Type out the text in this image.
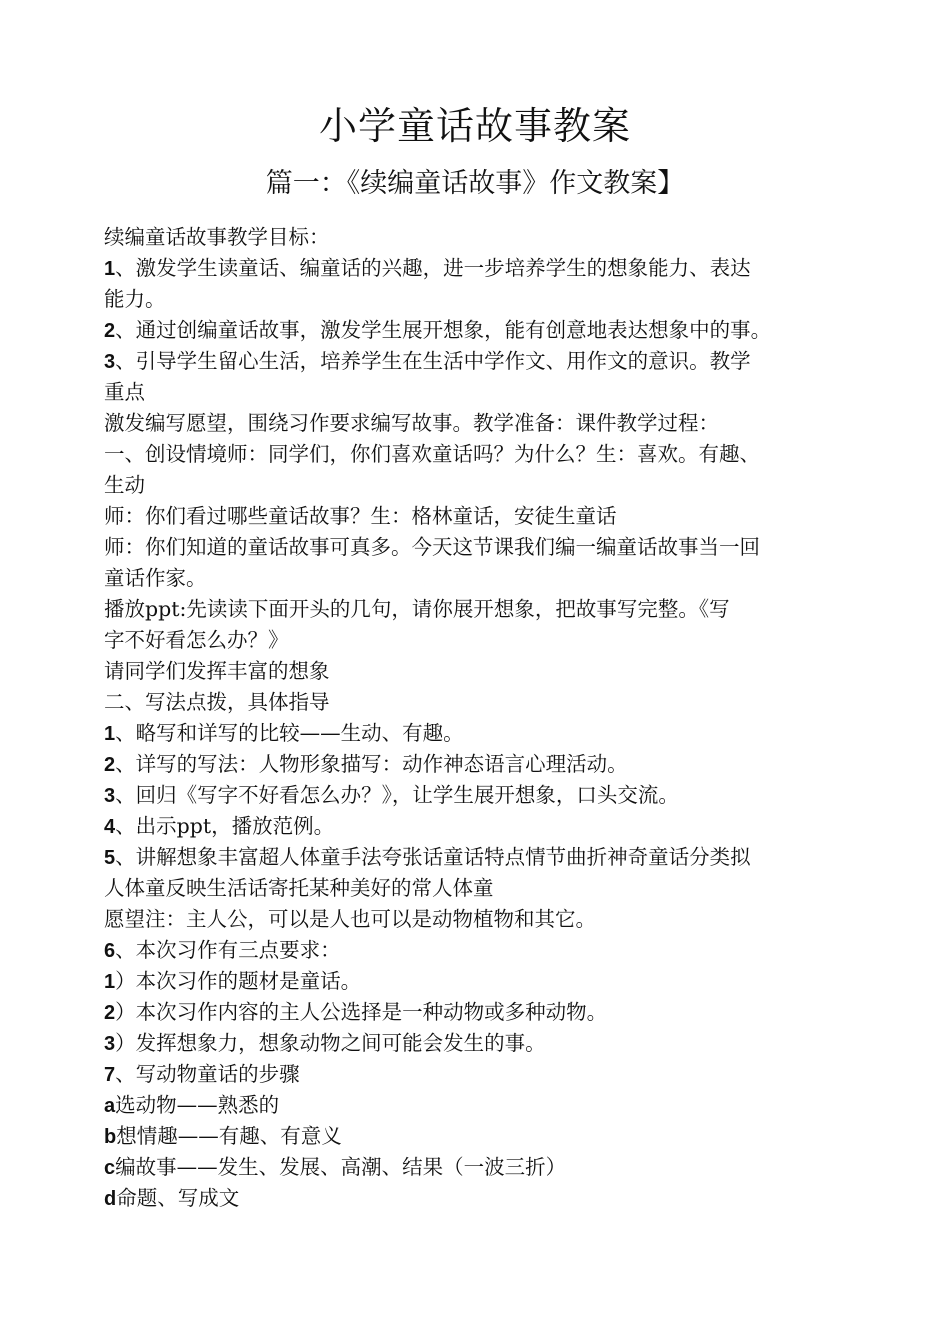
小学童话故事教案
篇一：《续编童话故事》作文教案】
续编童话故事教学目标：
1、激发学生读童话、编童话的兴趣，进一步培养学生的想象能力、表达
能力。
2、通过创编童话故事，激发学生展开想象，能有创意地表达想象中的事。
3、引导学生留心生活，培养学生在生活中学作文、用作文的意识。教学
重点
激发编写愿望，围绕习作要求编写故事。教学准备：课件教学过程：
一、创设情境师：同学们，你们喜欢童话吗？为什么？生：喜欢。有趣、
生动
师：你们看过哪些童话故事？生：格林童话，安徒生童话
师：你们知道的童话故事可真多。今天这节课我们编一编童话故事当一回
童话作家。
播放ppt:先读读下面开头的几句，请你展开想象，把故事写完整。《写
字不好看怎么办？》
请同学们发挥丰富的想象
二、写法点拨，具体指导
1、略写和详写的比较——生动、有趣。
2、详写的写法：人物形象描写：动作神态语言心理活动。
3、回归《写字不好看怎么办？》，让学生展开想象，口头交流。
4、出示ppt，播放范例。
5、讲解想象丰富超人体童手法夸张话童话特点情节曲折神奇童话分类拟
人体童反映生活话寄托某种美好的常人体童
愿望注：主人公，可以是人也可以是动物植物和其它。
6、本次习作有三点要求：
1）本次习作的题材是童话。
2）本次习作内容的主人公选择是一种动物或多种动物。
3）发挥想象力，想象动物之间可能会发生的事。
7、写动物童话的步骤
a选动物——熟悉的
b想情趣——有趣、有意义
c编故事——发生、发展、高潮、结果（一波三折）
d命题、写成文
